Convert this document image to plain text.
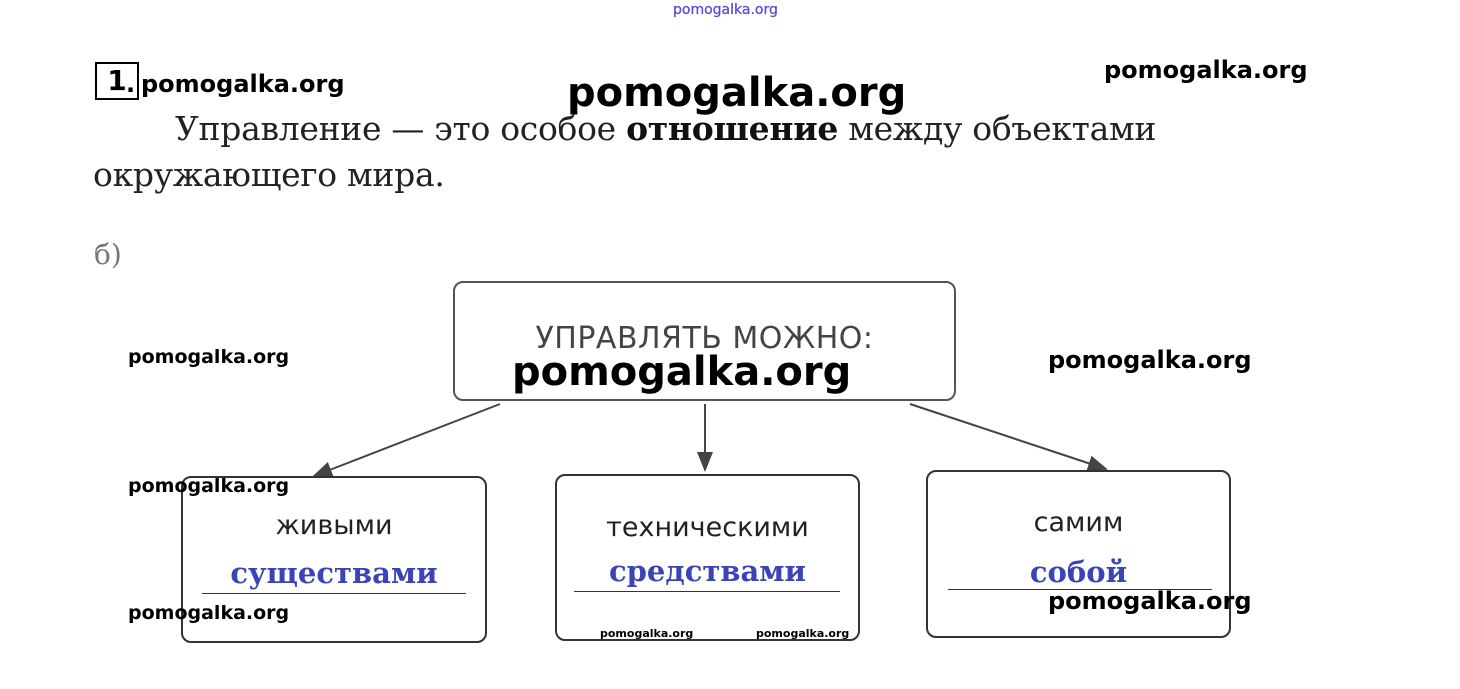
pomogalka.org
1 . pomogalka.org	pomogalka.org	pomogalka.org
Управление — это особое отношение между объектами окружающего мира.
б)
УПРАВЛЯТЬ МОЖНО:
живыми
существами
техническими
средствами
самим
собой
pomogalka.org	pomogalka.org	pomogalka.org
pomogalka.org
pomogalka.org	pomogalka.org
pomogalka.org	pomogalka.org
